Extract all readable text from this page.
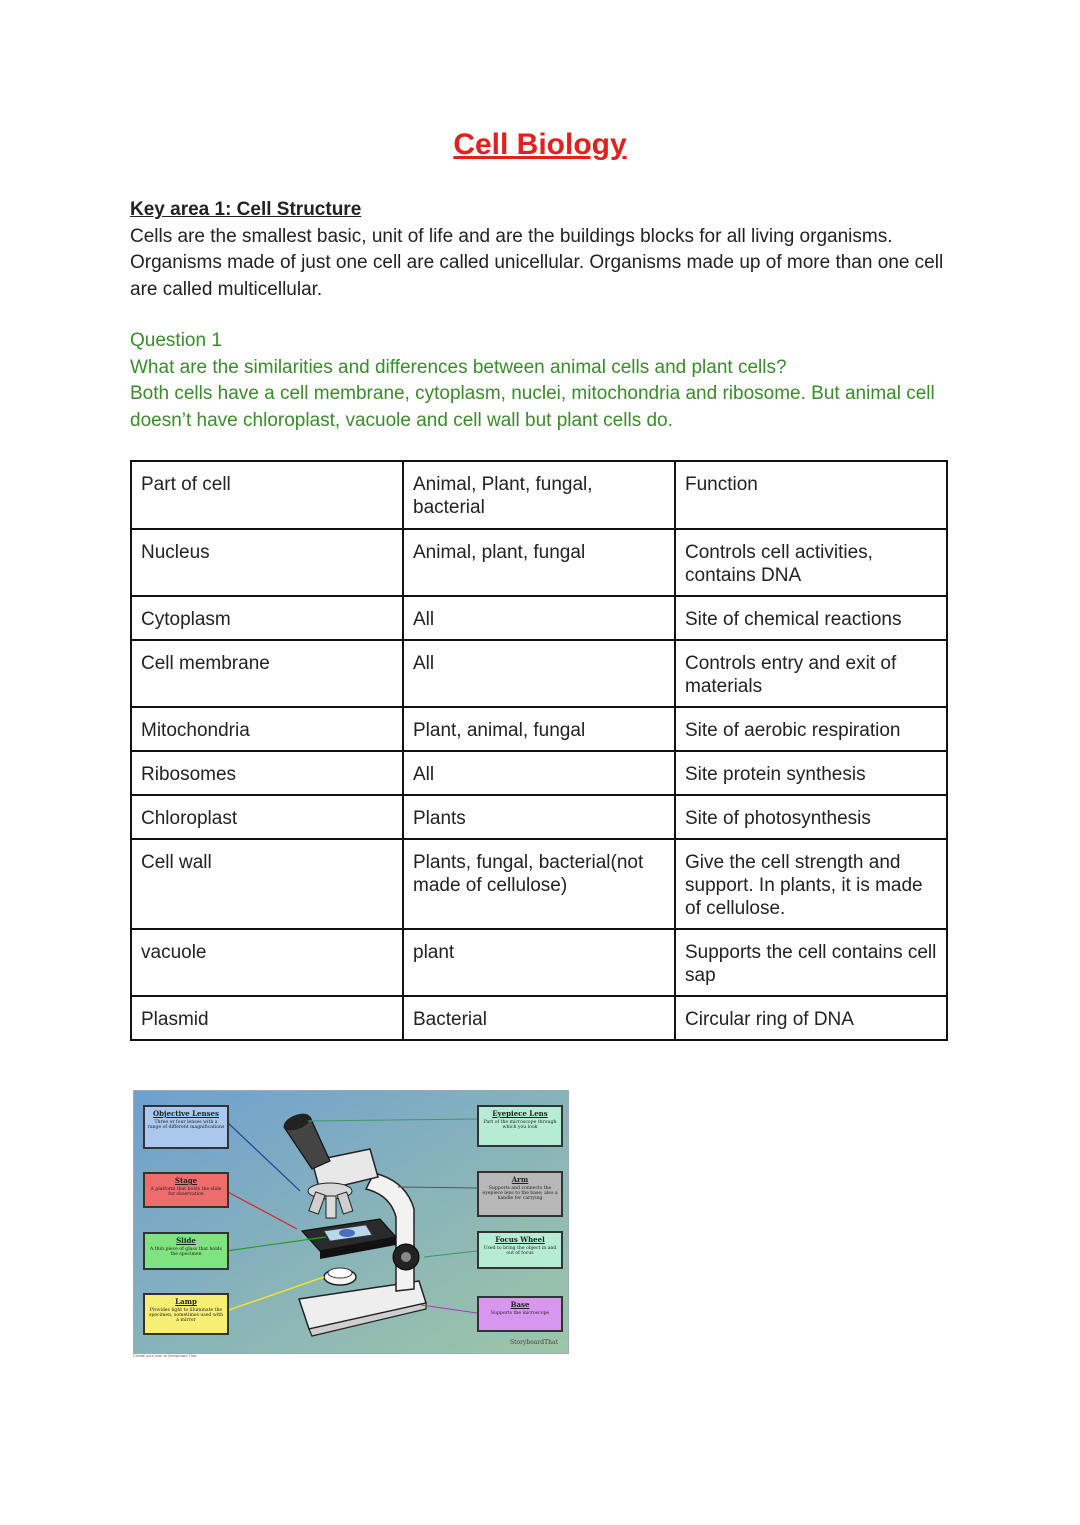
Cell Biology
Key area 1: Cell Structure
Cells are the smallest basic, unit of life and are the buildings blocks for all living organisms. Organisms made of just one cell are called unicellular. Organisms made up of more than one cell are called multicellular.
Question 1
What are the similarities and differences between animal cells and plant cells?
Both cells have a cell membrane, cytoplasm, nuclei, mitochondria and ribosome. But animal cell doesn’t have chloroplast, vacuole and cell wall but plant cells do.
Part of cell	Animal, Plant, fungal, bacterial	Function
Nucleus	Animal, plant, fungal	Controls cell activities, contains DNA
Cytoplasm	All	Site of chemical reactions
Cell membrane	All	Controls entry and exit of materials
Mitochondria	Plant, animal, fungal	Site of aerobic respiration
Ribosomes	All	Site protein synthesis
Chloroplast	Plants	Site of photosynthesis
Cell wall	Plants, fungal, bacterial(not made of cellulose)	Give the cell strength and support. In plants, it is made of cellulose.
vacuole	plant	Supports the cell contains cell sap
Plasmid	Bacterial	Circular ring of DNA
Objective Lenses
Three or four lenses with a range of different magnifications
Stage
A platform that holds the slide for observation
Slide
A thin piece of glass that holds the specimen
Lamp
Provides light to illuminate the specimen, sometimes used with a mirror
Eyepiece Lens
Part of the microscope through which you look
Arm
Supports and connects the eyepiece lens to the base; also a handle for carrying
Focus Wheel
Used to bring the object in and out of focus
Base
Supports the microscope
StoryboardThat
Create your own at Storyboard That
